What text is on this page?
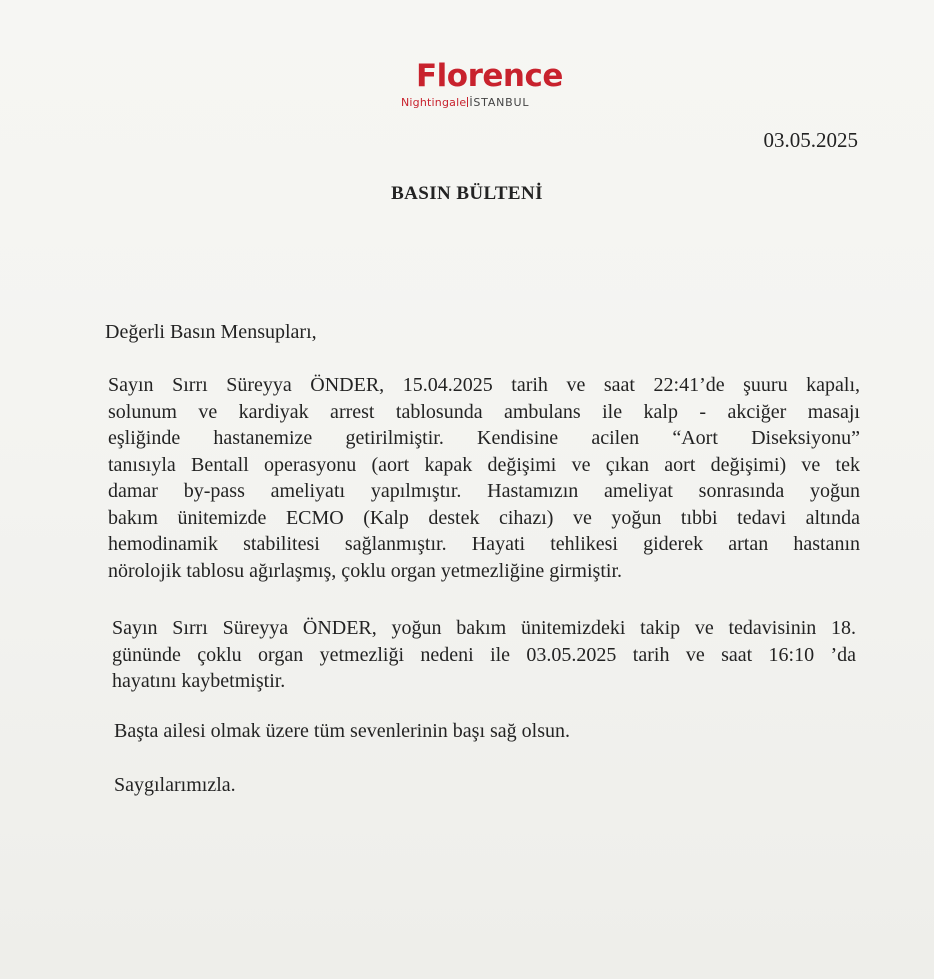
Florence
Nightingale İSTANBUL
03.05.2025
BASIN BÜLTENİ
Değerli Basın Mensupları,
Sayın Sırrı Süreyya ÖNDER, 15.04.2025 tarih ve saat 22:41’de şuuru kapalı,
solunum ve kardiyak arrest tablosunda ambulans ile kalp - akciğer masajı
eşliğinde hastanemize getirilmiştir. Kendisine acilen “Aort Diseksiyonu”
tanısıyla Bentall operasyonu (aort kapak değişimi ve çıkan aort değişimi) ve tek
damar by-pass ameliyatı yapılmıştır. Hastamızın ameliyat sonrasında yoğun
bakım ünitemizde ECMO (Kalp destek cihazı) ve yoğun tıbbi tedavi altında
hemodinamik stabilitesi sağlanmıştır. Hayati tehlikesi giderek artan hastanın
nörolojik tablosu ağırlaşmış, çoklu organ yetmezliğine girmiştir.
Sayın Sırrı Süreyya ÖNDER, yoğun bakım ünitemizdeki takip ve tedavisinin 18.
gününde çoklu organ yetmezliği nedeni ile 03.05.2025 tarih ve saat 16:10 ’da
hayatını kaybetmiştir.
Başta ailesi olmak üzere tüm sevenlerinin başı sağ olsun.
Saygılarımızla.
